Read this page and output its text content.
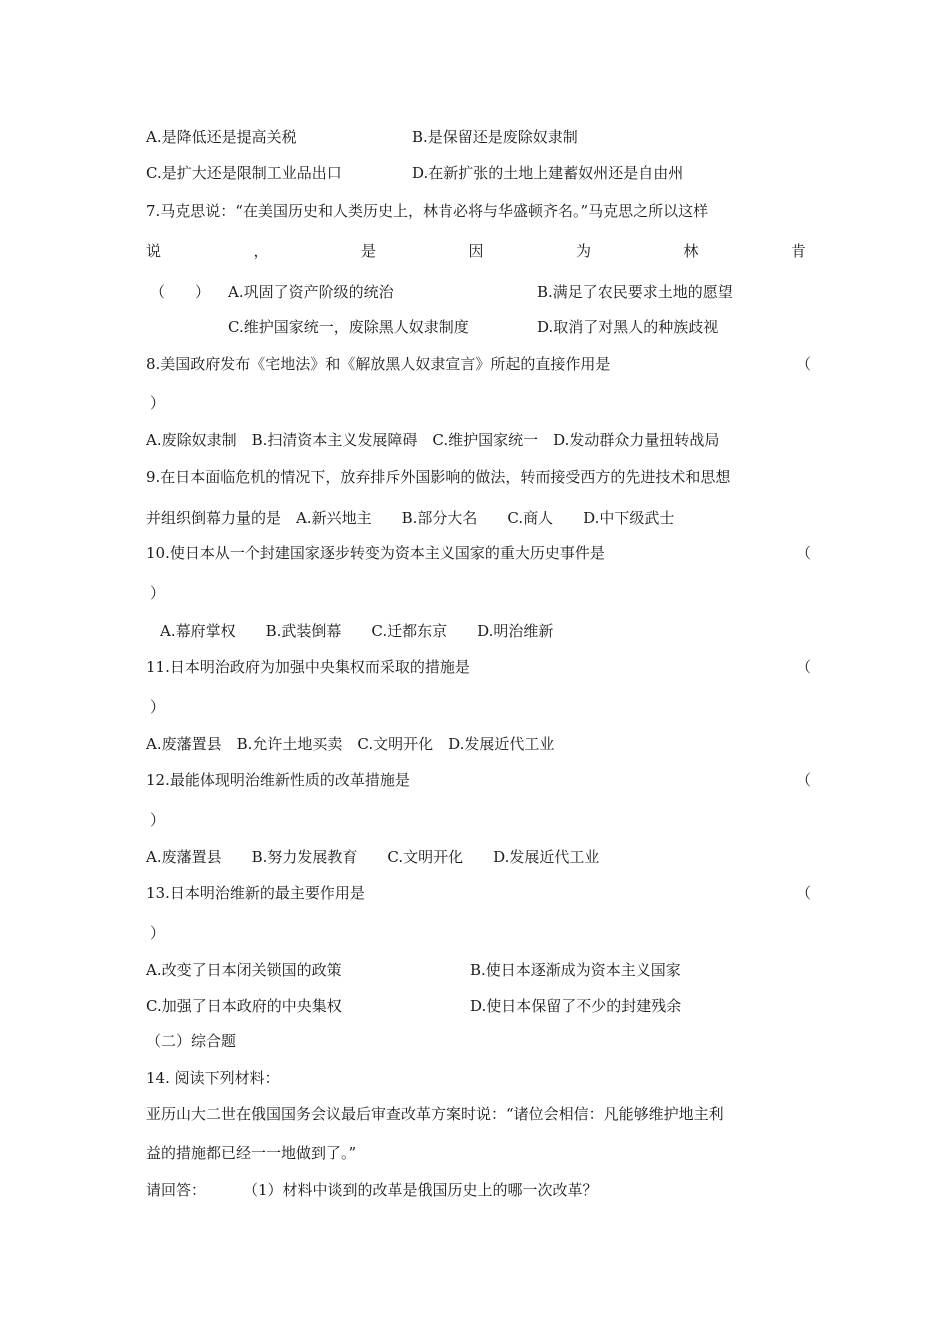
A.是降低还是提高关税	B.是保留还是废除奴隶制
C.是扩大还是限制工业品出口	D.在新扩张的土地上建蓄奴州还是自由州
7.马克思说：“在美国历史和人类历史上，林肯必将与华盛顿齐名。”马克思之所以这样
说	，	是	因	为	林	肯
（　　） A.巩固了资产阶级的统治	B.满足了农民要求土地的愿望
C.维护国家统一，废除黑人奴隶制度	D.取消了对黑人的种族歧视
8.美国政府发布《宅地法》和《解放黑人奴隶宣言》所起的直接作用是	（
）
A.废除奴隶制　B.扫清资本主义发展障碍　C.维护国家统一　D.发动群众力量扭转战局
9.在日本面临危机的情况下，放弃排斥外国影响的做法，转而接受西方的先进技术和思想
并组织倒幕力量的是　A.新兴地主　　B.部分大名　　C.商人　　D.中下级武士
10.使日本从一个封建国家逐步转变为资本主义国家的重大历史事件是	（
）
A.幕府掌权　　B.武装倒幕　　C.迁都东京　　D.明治维新
11.日本明治政府为加强中央集权而采取的措施是	（
）
A.废藩置县　B.允许土地买卖　C.文明开化　D.发展近代工业
12.最能体现明治维新性质的改革措施是	（
）
A.废藩置县　　B.努力发展教育　　C.文明开化　　D.发展近代工业
13.日本明治维新的最主要作用是	（
）
A.改变了日本闭关锁国的政策	B.使日本逐渐成为资本主义国家
C.加强了日本政府的中央集权	D.使日本保留了不少的封建残余
（二）综合题
14. 阅读下列材料：
亚历山大二世在俄国国务会议最后审查改革方案时说：“诸位会相信：凡能够维护地主利
益的措施都已经一一地做到了。”
请回答： （1）材料中谈到的改革是俄国历史上的哪一次改革？
